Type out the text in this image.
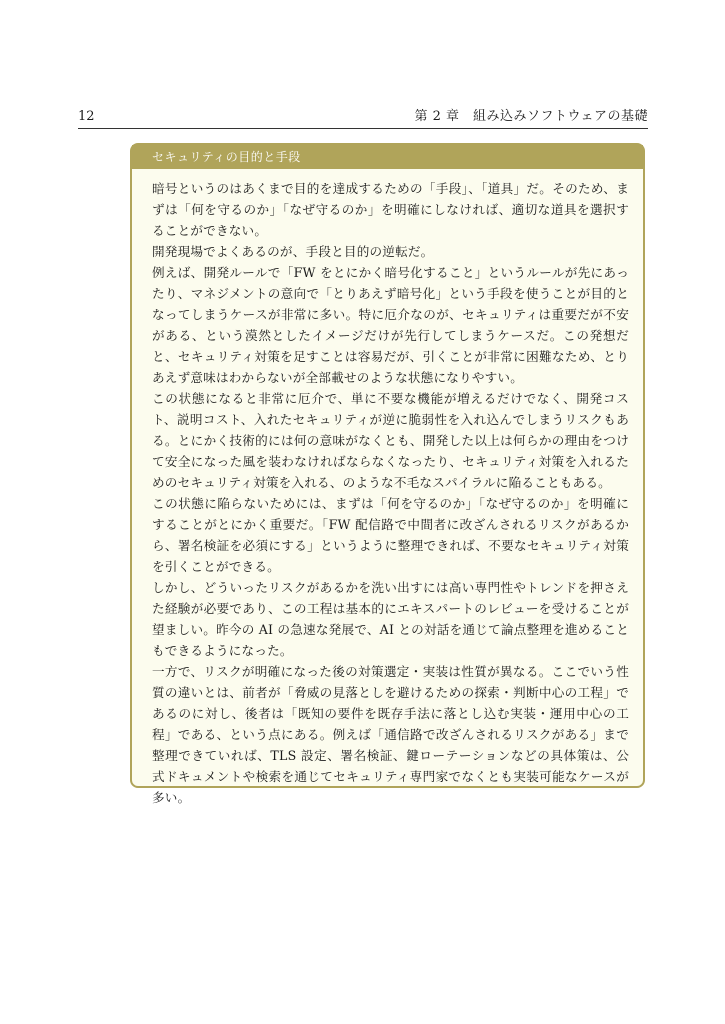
12	第 2 章　組み込みソフトウェアの基礎
セキュリティの目的と手段

暗号というのはあくまで目的を達成するための「手段」、「道具」だ。そのため、まずは「何を守るのか」「なぜ守るのか」を明確にしなければ、適切な道具を選択することができない。

開発現場でよくあるのが、手段と目的の逆転だ。

例えば、開発ルールで「FW をとにかく暗号化すること」というルールが先にあったり、マネジメントの意向で「とりあえず暗号化」という手段を使うことが目的となってしまうケースが非常に多い。特に厄介なのが、セキュリティは重要だが不安がある、という漠然としたイメージだけが先行してしまうケースだ。この発想だと、セキュリティ対策を足すことは容易だが、引くことが非常に困難なため、とりあえず意味はわからないが全部載せのような状態になりやすい。

この状態になると非常に厄介で、単に不要な機能が増えるだけでなく、開発コスト、説明コスト、入れたセキュリティが逆に脆弱性を入れ込んでしまうリスクもある。とにかく技術的には何の意味がなくとも、開発した以上は何らかの理由をつけて安全になった風を装わなければならなくなったり、セキュリティ対策を入れるためのセキュリティ対策を入れる、のような不毛なスパイラルに陥ることもある。

この状態に陥らないためには、まずは「何を守るのか」「なぜ守るのか」を明確にすることがとにかく重要だ。「FW 配信路で中間者に改ざんされるリスクがあるから、署名検証を必須にする」というように整理できれば、不要なセキュリティ対策を引くことができる。

しかし、どういったリスクがあるかを洗い出すには高い専門性やトレンドを押さえた経験が必要であり、この工程は基本的にエキスパートのレビューを受けることが望ましい。昨今の AI の急速な発展で、AI との対話を通じて論点整理を進めることもできるようになった。

一方で、リスクが明確になった後の対策選定・実装は性質が異なる。ここでいう性質の違いとは、前者が「脅威の見落としを避けるための探索・判断中心の工程」であるのに対し、後者は「既知の要件を既存手法に落とし込む実装・運用中心の工程」である、という点にある。例えば「通信路で改ざんされるリスクがある」まで整理できていれば、TLS 設定、署名検証、鍵ローテーションなどの具体策は、公式ドキュメントや検索を通じてセキュリティ専門家でなくとも実装可能なケースが多い。
